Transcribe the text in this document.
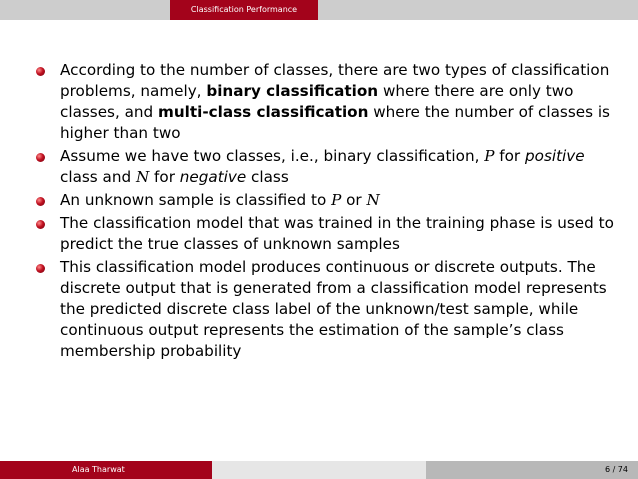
Classification Performance
According to the number of classes, there are two types of classification problems, namely, binary classification where there are only two classes, and multi-class classification where the number of classes is higher than two
Assume we have two classes, i.e., binary classification, P for positive class and N for negative class
An unknown sample is classified to P or N
The classification model that was trained in the training phase is used to predict the true classes of unknown samples
This classification model produces continuous or discrete outputs. The discrete output that is generated from a classification model represents the predicted discrete class label of the unknown/test sample, while continuous output represents the estimation of the sample’s class membership probability
Alaa Tharwat	6 / 74
